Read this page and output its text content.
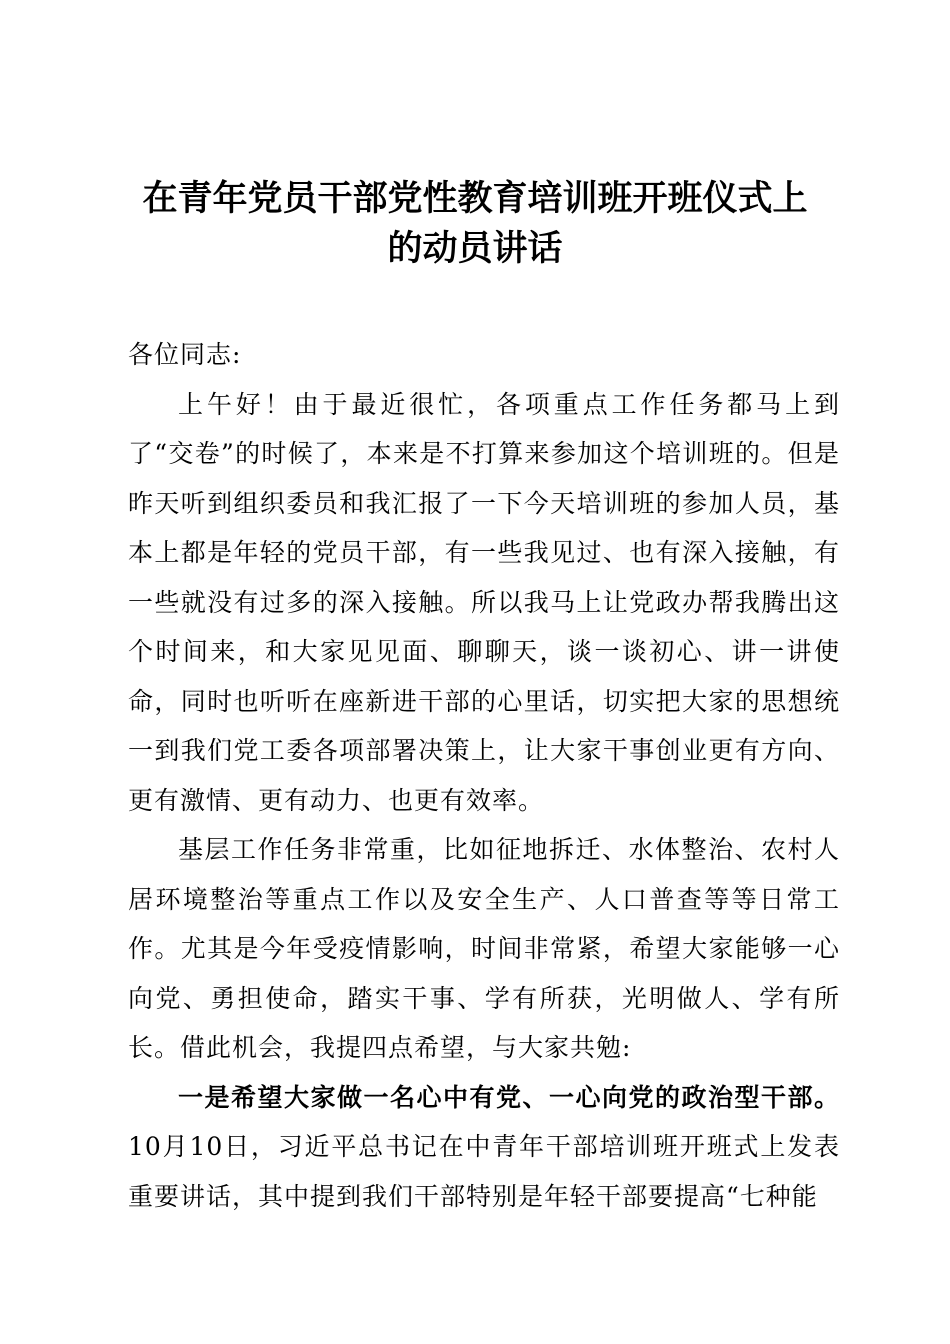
在青年党员干部党性教育培训班开班仪式上
的动员讲话

各位同志:

上午好！由于最近很忙，各项重点工作任务都马上到了“交卷”的时候了，本来是不打算来参加这个培训班的。但是昨天听到组织委员和我汇报了一下今天培训班的参加人员，基本上都是年轻的党员干部，有一些我见过、也有深入接触，有一些就没有过多的深入接触。所以我马上让党政办帮我腾出这个时间来，和大家见见面、聊聊天，谈一谈初心、讲一讲使命，同时也听听在座新进干部的心里话，切实把大家的思想统一到我们党工委各项部署决策上，让大家干事创业更有方向、更有激情、更有动力、也更有效率。

基层工作任务非常重，比如征地拆迁、水体整治、农村人居环境整治等重点工作以及安全生产、人口普查等等日常工作。尤其是今年受疫情影响，时间非常紧，希望大家能够一心向党、勇担使命，踏实干事、学有所获，光明做人、学有所长。借此机会，我提四点希望，与大家共勉:

一是希望大家做一名心中有党、一心向党的政治型干部。10月10日，习近平总书记在中青年干部培训班开班式上发表重要讲话，其中提到我们干部特别是年轻干部要提高“七种能
